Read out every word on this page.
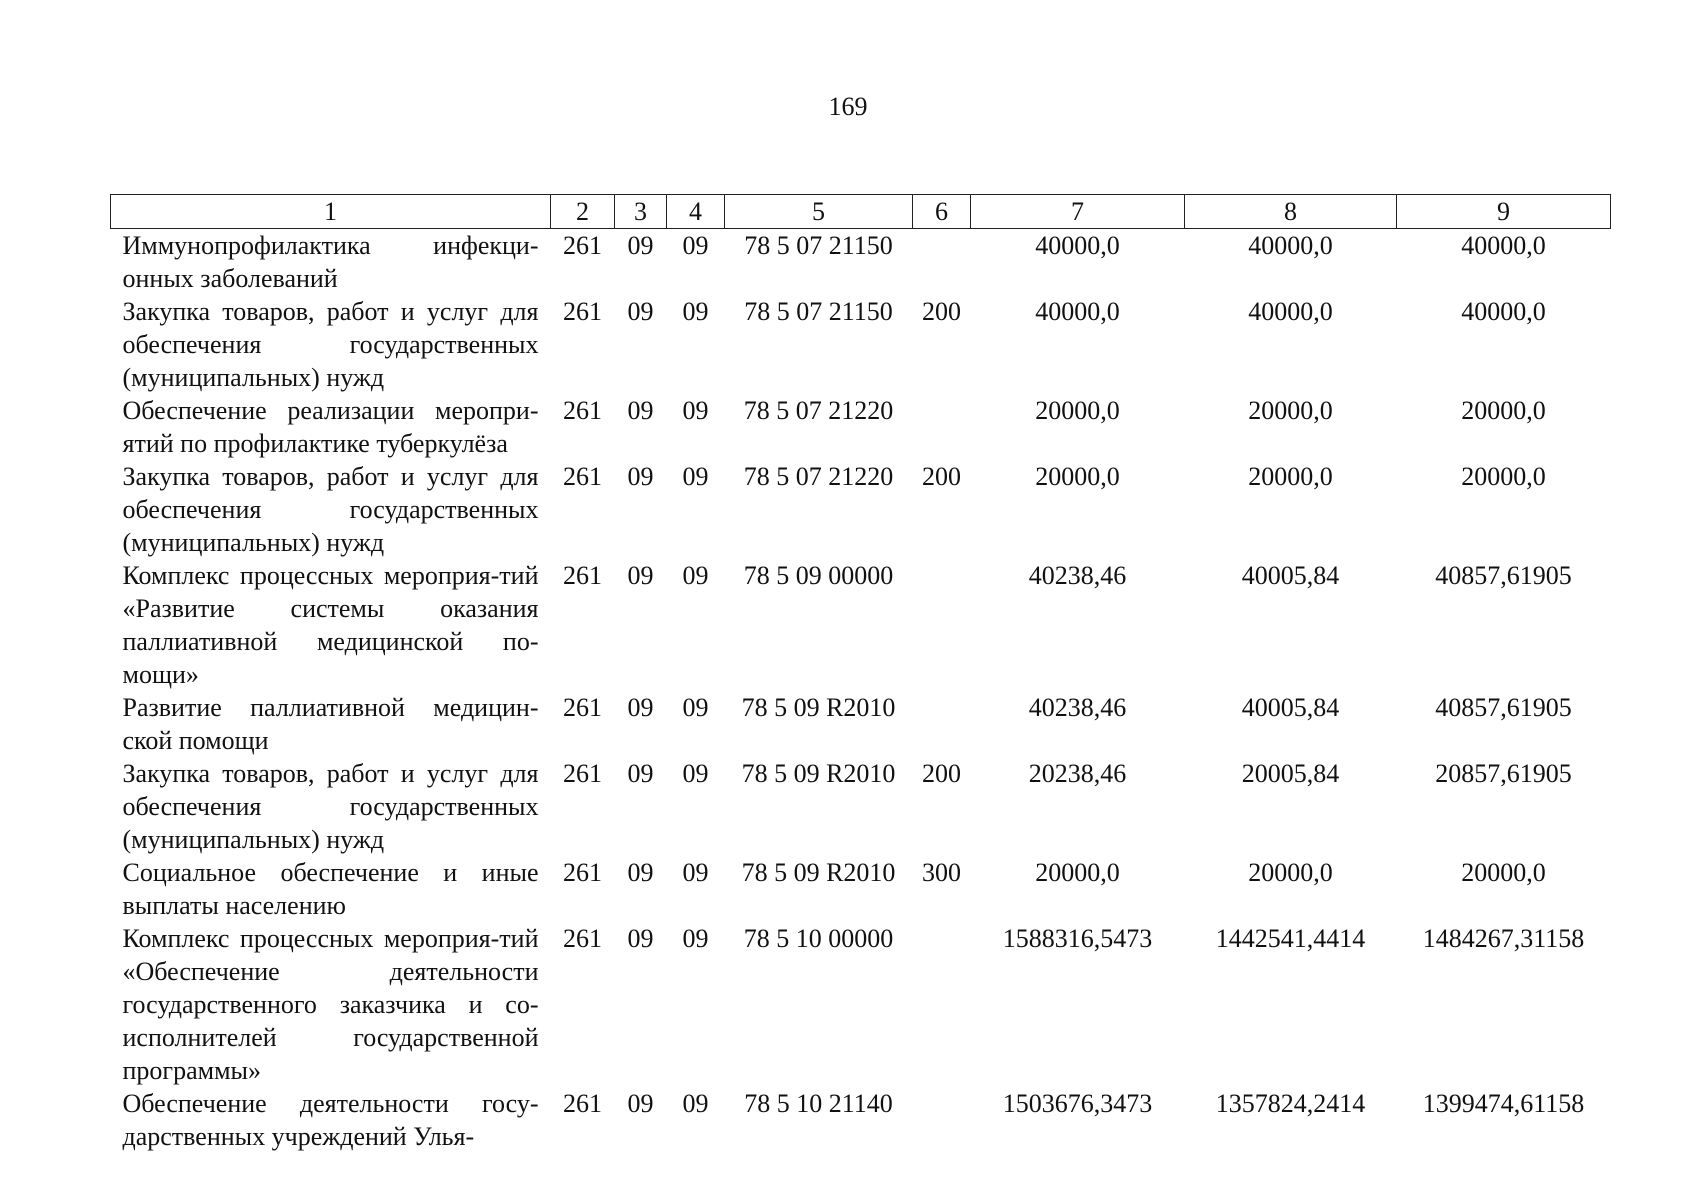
169
1	2	3	4	5	6	7	8	9
Иммунопрофилактика инфекци-онных заболеваний	261	09	09	78 5 07 21150		40000,0	40000,0	40000,0
Закупка товаров, работ и услуг для обеспечения государственных (муниципальных) нужд	261	09	09	78 5 07 21150	200	40000,0	40000,0	40000,0
Обеспечение реализации меропри-ятий по профилактике туберкулёза	261	09	09	78 5 07 21220		20000,0	20000,0	20000,0
Закупка товаров, работ и услуг для обеспечения государственных (муниципальных) нужд	261	09	09	78 5 07 21220	200	20000,0	20000,0	20000,0
Комплекс процессных мероприя-тий «Развитие системы оказания паллиативной медицинской по-мощи»	261	09	09	78 5 09 00000		40238,46	40005,84	40857,61905
Развитие паллиативной медицин-ской помощи	261	09	09	78 5 09 R2010		40238,46	40005,84	40857,61905
Закупка товаров, работ и услуг для обеспечения государственных (муниципальных) нужд	261	09	09	78 5 09 R2010	200	20238,46	20005,84	20857,61905
Социальное обеспечение и иные выплаты населению	261	09	09	78 5 09 R2010	300	20000,0	20000,0	20000,0
Комплекс процессных мероприя-тий «Обеспечение деятельности государственного заказчика и со-исполнителей государственной программы»	261	09	09	78 5 10 00000		1588316,5473	1442541,4414	1484267,31158
Обеспечение деятельности госу-дарственных учреждений Улья-	261	09	09	78 5 10 21140		1503676,3473	1357824,2414	1399474,61158
